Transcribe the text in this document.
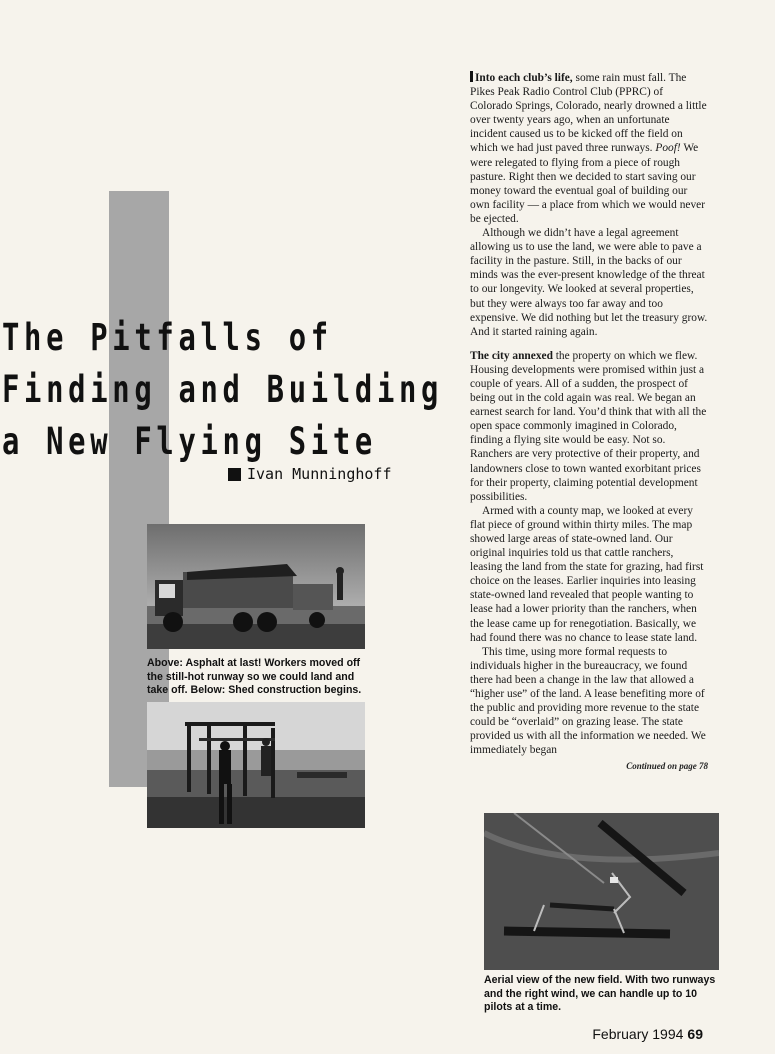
The Pitfalls of
Finding and Building
a New Flying Site
Ivan Munninghoff
Above: Asphalt at last! Workers moved off the still-hot runway so we could land and take off. Below: Shed construction begins.
Aerial view of the new field. With two runways and the right wind, we can handle up to 10 pilots at a time.

Into each club’s life, some rain must fall. The Pikes Peak Radio Control Club (PPRC) of Colorado Springs, Colorado, nearly drowned a little over twenty years ago, when an unfortunate incident caused us to be kicked off the field on which we had just paved three runways. Poof! We were relegated to flying from a piece of rough pasture. Right then we decided to start saving our money toward the eventual goal of building our own facility — a place from which we would never be ejected.

Although we didn’t have a legal agreement allowing us to use the land, we were able to pave a facility in the pasture. Still, in the backs of our minds was the ever-present knowledge of the threat to our longevity. We looked at several properties, but they were always too far away and too expensive. We did nothing but let the treasury grow. And it started raining again.

The city annexed the property on which we flew. Housing developments were promised within just a couple of years. All of a sudden, the prospect of being out in the cold again was real. We began an earnest search for land. You’d think that with all the open space commonly imagined in Colorado, finding a flying site would be easy. Not so. Ranchers are very protective of their property, and landowners close to town wanted exorbitant prices for their property, claiming potential development possibilities.

Armed with a county map, we looked at every flat piece of ground within thirty miles. The map showed large areas of state-owned land. Our original inquiries told us that cattle ranchers, leasing the land from the state for grazing, had first choice on the leases. Earlier inquiries into leasing state-owned land revealed that people wanting to lease had a lower priority than the ranchers, when the lease came up for renegotiation. Basically, we had found there was no chance to lease state land.

This time, using more formal requests to individuals higher in the bureaucracy, we found there had been a change in the law that allowed a “higher use” of the land. A lease benefiting more of the public and providing more revenue to the state could be “overlaid” on grazing lease. The state provided us with all the information we needed. We immediately began

Continued on page 78
February 1994 69
